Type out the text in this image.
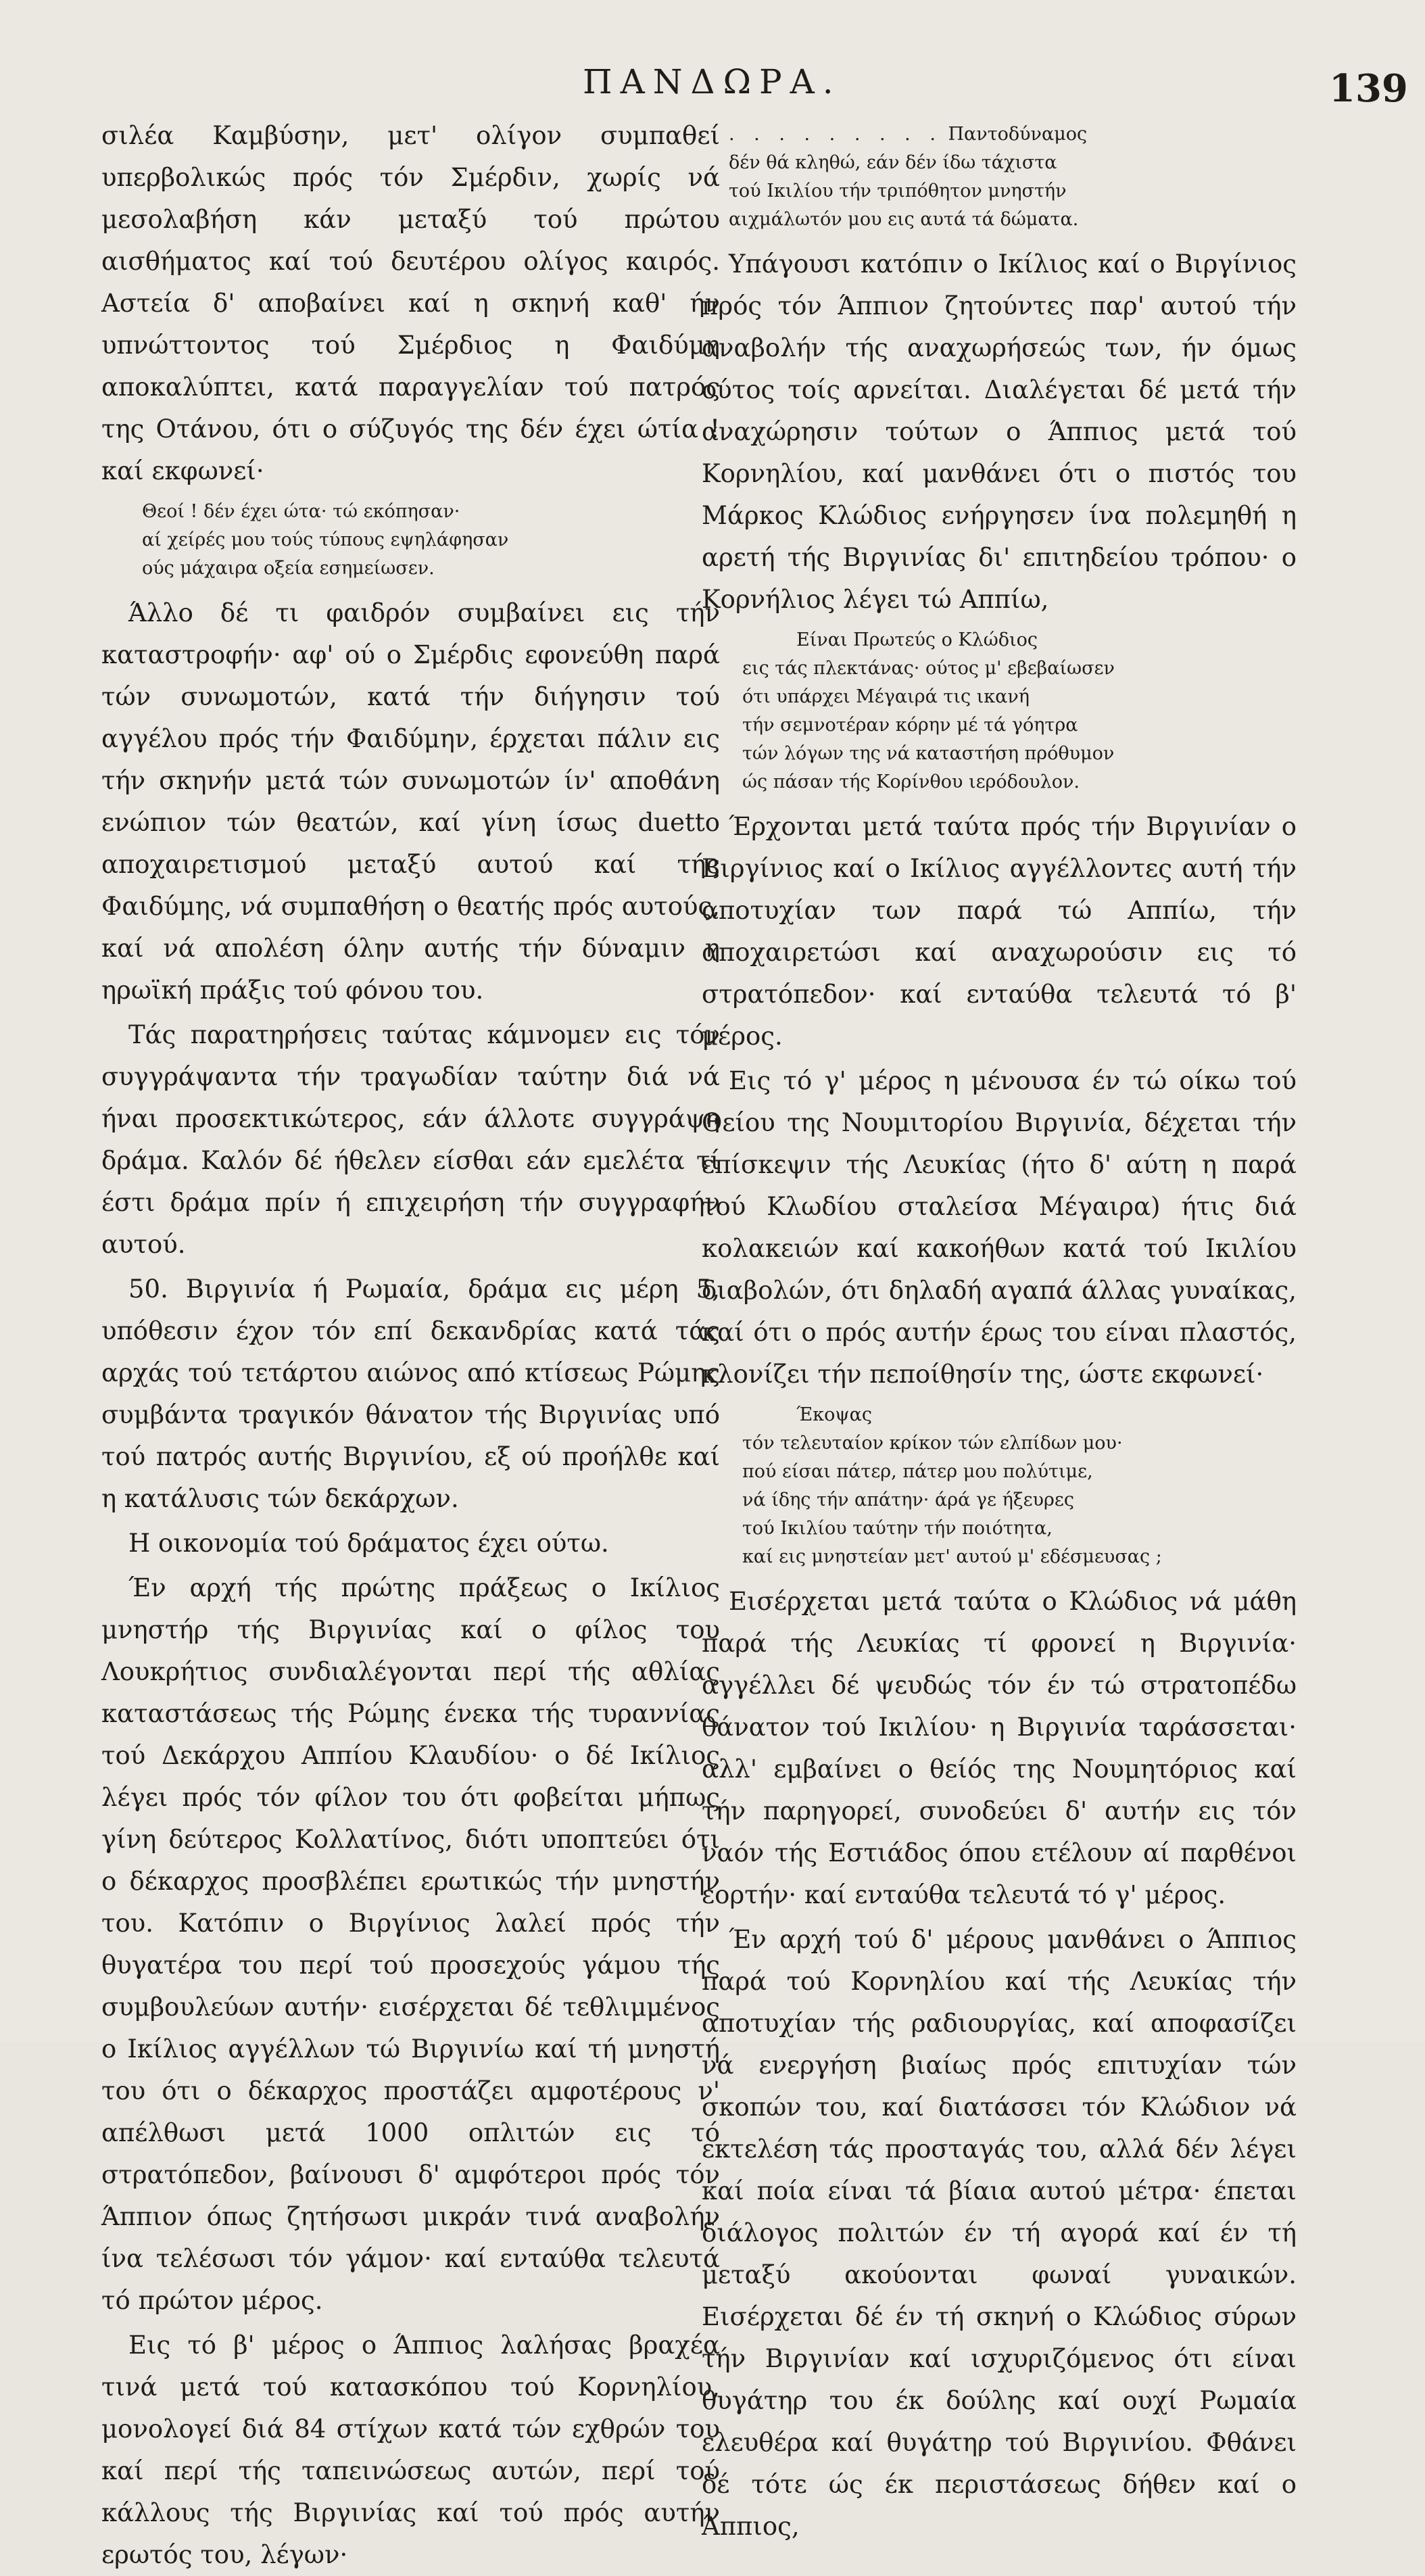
ΠΑΝΔΩΡΑ.	139

σιλέα Καμβύσην, μετ' ολίγον συμπαθεί υπερβολικώς πρός τόν Σμέρδιν, χωρίς νά μεσολαβήση κάν μεταξύ τού πρώτου αισθήματος καί τού δευτέρου ολίγος καιρός. Αστεία δ' αποβαίνει καί η σκηνή καθ' ήν υπνώττοντος τού Σμέρδιος η Φαιδύμη αποκαλύπτει, κατά παραγγελίαν τού πατρός της Οτάνου, ότι ο σύζυγός της δέν έχει ώτία ! καί εκφωνεί·

Θεοί ! δέν έχει ώτα· τώ εκόπησαν·
αί χείρές μου τούς τύπους εψηλάφησαν
ούς μάχαιρα οξεία εσημείωσεν.

Άλλο δέ τι φαιδρόν συμβαίνει εις τήν καταστροφήν· αφ' ού ο Σμέρδις εφονεύθη παρά τών συνωμοτών, κατά τήν διήγησιν τού αγγέλου πρός τήν Φαιδύμην, έρχεται πάλιν εις τήν σκηνήν μετά τών συνωμοτών ίν' αποθάνη ενώπιον τών θεατών, καί γίνη ίσως duetto αποχαιρετισμού μεταξύ αυτού καί τής Φαιδύμης, νά συμπαθήση ο θεατής πρός αυτούς, καί νά απολέση όλην αυτής τήν δύναμιν η ηρωϊκή πράξις τού φόνου του.

Τάς παρατηρήσεις ταύτας κάμνομεν εις τόν συγγράψαντα τήν τραγωδίαν ταύτην διά νά ήναι προσεκτικώτερος, εάν άλλοτε συγγράψη δράμα. Καλόν δέ ήθελεν είσθαι εάν εμελέτα τί έστι δράμα πρίν ή επιχειρήση τήν συγγραφήν αυτού.

50. Βιργινία ή Ρωμαία, δράμα εις μέρη 5, υπόθεσιν έχον τόν επί δεκανδρίας κατά τάς αρχάς τού τετάρτου αιώνος από κτίσεως Ρώμης συμβάντα τραγικόν θάνατον τής Βιργινίας υπό τού πατρός αυτής Βιργινίου, εξ ού προήλθε καί η κατάλυσις τών δεκάρχων.

Η οικονομία τού δράματος έχει ούτω.

Έν αρχή τής πρώτης πράξεως ο Ικίλιος μνηστήρ τής Βιργινίας καί ο φίλος του Λουκρήτιος συνδιαλέγονται περί τής αθλίας καταστάσεως τής Ρώμης ένεκα τής τυραννίας τού Δεκάρχου Αππίου Κλαυδίου· ο δέ Ικίλιος λέγει πρός τόν φίλον του ότι φοβείται μήπως γίνη δεύτερος Κολλατίνος, διότι υποπτεύει ότι ο δέκαρχος προσβλέπει ερωτικώς τήν μνηστήν του. Κατόπιν ο Βιργίνιος λαλεί πρός τήν θυγατέρα του περί τού προσεχούς γάμου τής συμβουλεύων αυτήν· εισέρχεται δέ τεθλιμμένος ο Ικίλιος αγγέλλων τώ Βιργινίω καί τή μνηστή του ότι ο δέκαρχος προστάζει αμφοτέρους ν' απέλθωσι μετά 1000 οπλιτών εις τό στρατόπεδον, βαίνουσι δ' αμφότεροι πρός τόν Άππιον όπως ζητήσωσι μικράν τινά αναβολήν ίνα τελέσωσι τόν γάμον· καί ενταύθα τελευτά τό πρώτον μέρος.

Εις τό β' μέρος ο Άππιος λαλήσας βραχέα τινά μετά τού κατασκόπου τού Κορνηλίου, μονολογεί διά 84 στίχων κατά τών εχθρών του καί περί τής ταπεινώσεως αυτών, περί τού κάλλους τής Βιργινίας καί τού πρός αυτήν ερωτός του, λέγων·

. . . . . . . . . Παντοδύναμος
δέν θά κληθώ, εάν δέν ίδω τάχιστα
τού Ικιλίου τήν τριπόθητον μνηστήν
αιχμάλωτόν μου εις αυτά τά δώματα.

Υπάγουσι κατόπιν ο Ικίλιος καί ο Βιργίνιος πρός τόν Άππιον ζητούντες παρ' αυτού τήν αναβολήν τής αναχωρήσεώς των, ήν όμως ούτος τοίς αρνείται. Διαλέγεται δέ μετά τήν αναχώρησιν τούτων ο Άππιος μετά τού Κορνηλίου, καί μανθάνει ότι ο πιστός του Μάρκος Κλώδιος ενήργησεν ίνα πολεμηθή η αρετή τής Βιργινίας δι' επιτηδείου τρόπου· ο Κορνήλιος λέγει τώ Αππίω,

Είναι Πρωτεύς ο Κλώδιος
εις τάς πλεκτάνας· ούτος μ' εβεβαίωσεν
ότι υπάρχει Μέγαιρά τις ικανή
τήν σεμνοτέραν κόρην μέ τά γόητρα
τών λόγων της νά καταστήση πρόθυμον
ώς πάσαν τής Κορίνθου ιερόδουλον.

Έρχονται μετά ταύτα πρός τήν Βιργινίαν ο Βιργίνιος καί ο Ικίλιος αγγέλλοντες αυτή τήν αποτυχίαν των παρά τώ Αππίω, τήν αποχαιρετώσι καί αναχωρούσιν εις τό στρατόπεδον· καί ενταύθα τελευτά τό β' μέρος.

Εις τό γ' μέρος η μένουσα έν τώ οίκω τού Θείου της Νουμιτορίου Βιργινία, δέχεται τήν επίσκεψιν τής Λευκίας (ήτο δ' αύτη η παρά τού Κλωδίου σταλείσα Μέγαιρα) ήτις διά κολακειών καί κακοήθων κατά τού Ικιλίου διαβολών, ότι δηλαδή αγαπά άλλας γυναίκας, καί ότι ο πρός αυτήν έρως του είναι πλαστός, κλονίζει τήν πεποίθησίν της, ώστε εκφωνεί·

Έκοψας
τόν τελευταίον κρίκον τών ελπίδων μου·
πού είσαι πάτερ, πάτερ μου πολύτιμε,
νά ίδης τήν απάτην· άρά γε ήξευρες
τού Ικιλίου ταύτην τήν ποιότητα,
καί εις μνηστείαν μετ' αυτού μ' εδέσμευσας ;

Εισέρχεται μετά ταύτα ο Κλώδιος νά μάθη παρά τής Λευκίας τί φρονεί η Βιργινία· αγγέλλει δέ ψευδώς τόν έν τώ στρατοπέδω θάνατον τού Ικιλίου· η Βιργινία ταράσσεται· αλλ' εμβαίνει ο θείός της Νουμητόριος καί τήν παρηγορεί, συνοδεύει δ' αυτήν εις τόν ναόν τής Εστιάδος όπου ετέλουν αί παρθένοι εορτήν· καί ενταύθα τελευτά τό γ' μέρος.

Έν αρχή τού δ' μέρους μανθάνει ο Άππιος παρά τού Κορνηλίου καί τής Λευκίας τήν αποτυχίαν τής ραδιουργίας, καί αποφασίζει νά ενεργήση βιαίως πρός επιτυχίαν τών σκοπών του, καί διατάσσει τόν Κλώδιον νά εκτελέση τάς προσταγάς του, αλλά δέν λέγει καί ποία είναι τά βίαια αυτού μέτρα· έπεται διάλογος πολιτών έν τή αγορά καί έν τή μεταξύ ακούονται φωναί γυναικών. Εισέρχεται δέ έν τή σκηνή ο Κλώδιος σύρων τήν Βιργινίαν καί ισχυριζόμενος ότι είναι θυγάτηρ του έκ δούλης καί ουχί Ρωμαία ελευθέρα καί θυγάτηρ τού Βιργινίου. Φθάνει δέ τότε ώς έκ περιστάσεως δήθεν καί ο Άππιος,
